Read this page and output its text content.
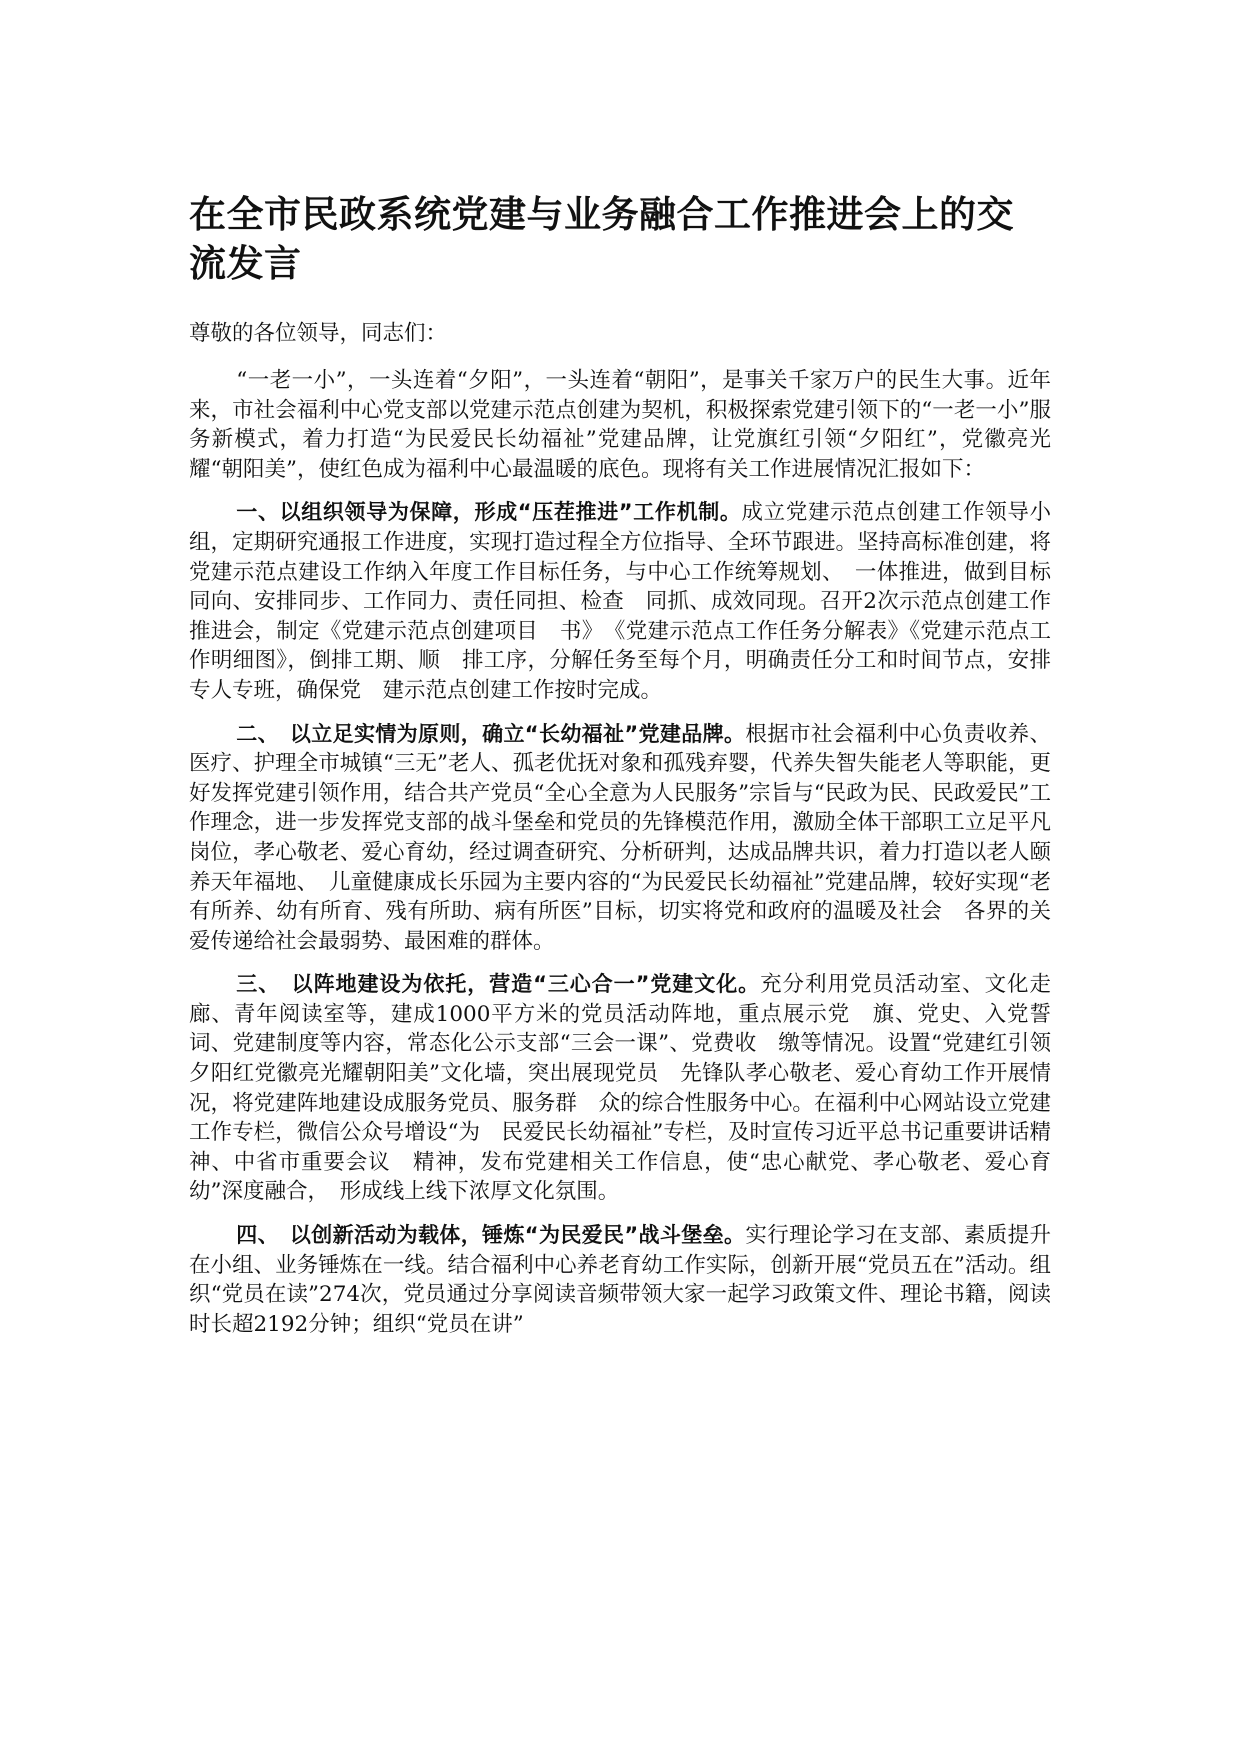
在全市民政系统党建与业务融合工作推进会上的交流发言

尊敬的各位领导，同志们：

“一老一小”，一头连着“夕阳”，一头连着“朝阳”，是事关千家万户的民生大事。近年来，市社会福利中心党支部以党建示范点创建为契机，积极探索党建引领下的“一老一小”服务新模式，着力打造“为民爱民长幼福祉”党建品牌，让党旗红引领“夕阳红”，党徽亮光耀“朝阳美”，使红色成为福利中心最温暖的底色。现将有关工作进展情况汇报如下：

一、以组织领导为保障，形成“压茬推进”工作机制。成立党建示范点创建工作领导小组，定期研究通报工作进度，实现打造过程全方位指导、全环节跟进。坚持高标准创建，将党建示范点建设工作纳入年度工作目标任务，与中心工作统筹规划、　一体推进，做到目标同向、安排同步、工作同力、责任同担、检查　同抓、成效同现。召开2次示范点创建工作推进会，制定《党建示范点创建项目　书》　《党建示范点工作任务分解表》《党建示范点工作明细图》，倒排工期、顺　排工序，分解任务至每个月，明确责任分工和时间节点，安排专人专班，确保党　建示范点创建工作按时完成。

二、　以立足实情为原则，确立“长幼福祉”党建品牌。根据市社会福利中心负责收养、医疗、护理全市城镇“三无”老人、孤老优抚对象和孤残弃婴，代养失智失能老人等职能，更好发挥党建引领作用，结合共产党员“全心全意为人民服务”宗旨与“民政为民、民政爱民”工作理念，进一步发挥党支部的战斗堡垒和党员的先锋模范作用，激励全体干部职工立足平凡岗位，孝心敬老、爱心育幼，经过调查研究、分析研判，达成品牌共识，着力打造以老人颐养天年福地、　儿童健康成长乐园为主要内容的“为民爱民长幼福祉”党建品牌，较好实现“老　有所养、幼有所育、残有所助、病有所医”目标，切实将党和政府的温暖及社会　各界的关爱传递给社会最弱势、最困难的群体。

三、　以阵地建设为依托，营造“三心合一”党建文化。充分利用党员活动室、文化走廊、青年阅读室等，建成1000平方米的党员活动阵地，重点展示党　旗、党史、入党誓词、党建制度等内容，常态化公示支部“三会一课”、党费收　缴等情况。设置“党建红引领夕阳红党徽亮光耀朝阳美”文化墙，突出展现党员　先锋队孝心敬老、爱心育幼工作开展情况，将党建阵地建设成服务党员、服务群　众的综合性服务中心。在福利中心网站设立党建工作专栏，微信公众号增设“为　民爱民长幼福祉”专栏，及时宣传习近平总书记重要讲话精神、中省市重要会议　精神，发布党建相关工作信息，使“忠心献党、孝心敬老、爱心育幼”深度融合，　形成线上线下浓厚文化氛围。

四、　以创新活动为载体，锤炼“为民爱民”战斗堡垒。实行理论学习在支部、素质提升在小组、业务锤炼在一线。结合福利中心养老育幼工作实际，创新开展“党员五在”活动。组织“党员在读”274次，党员通过分享阅读音频带领大家一起学习政策文件、理论书籍，阅读时长超2192分钟；组织“党员在讲”
